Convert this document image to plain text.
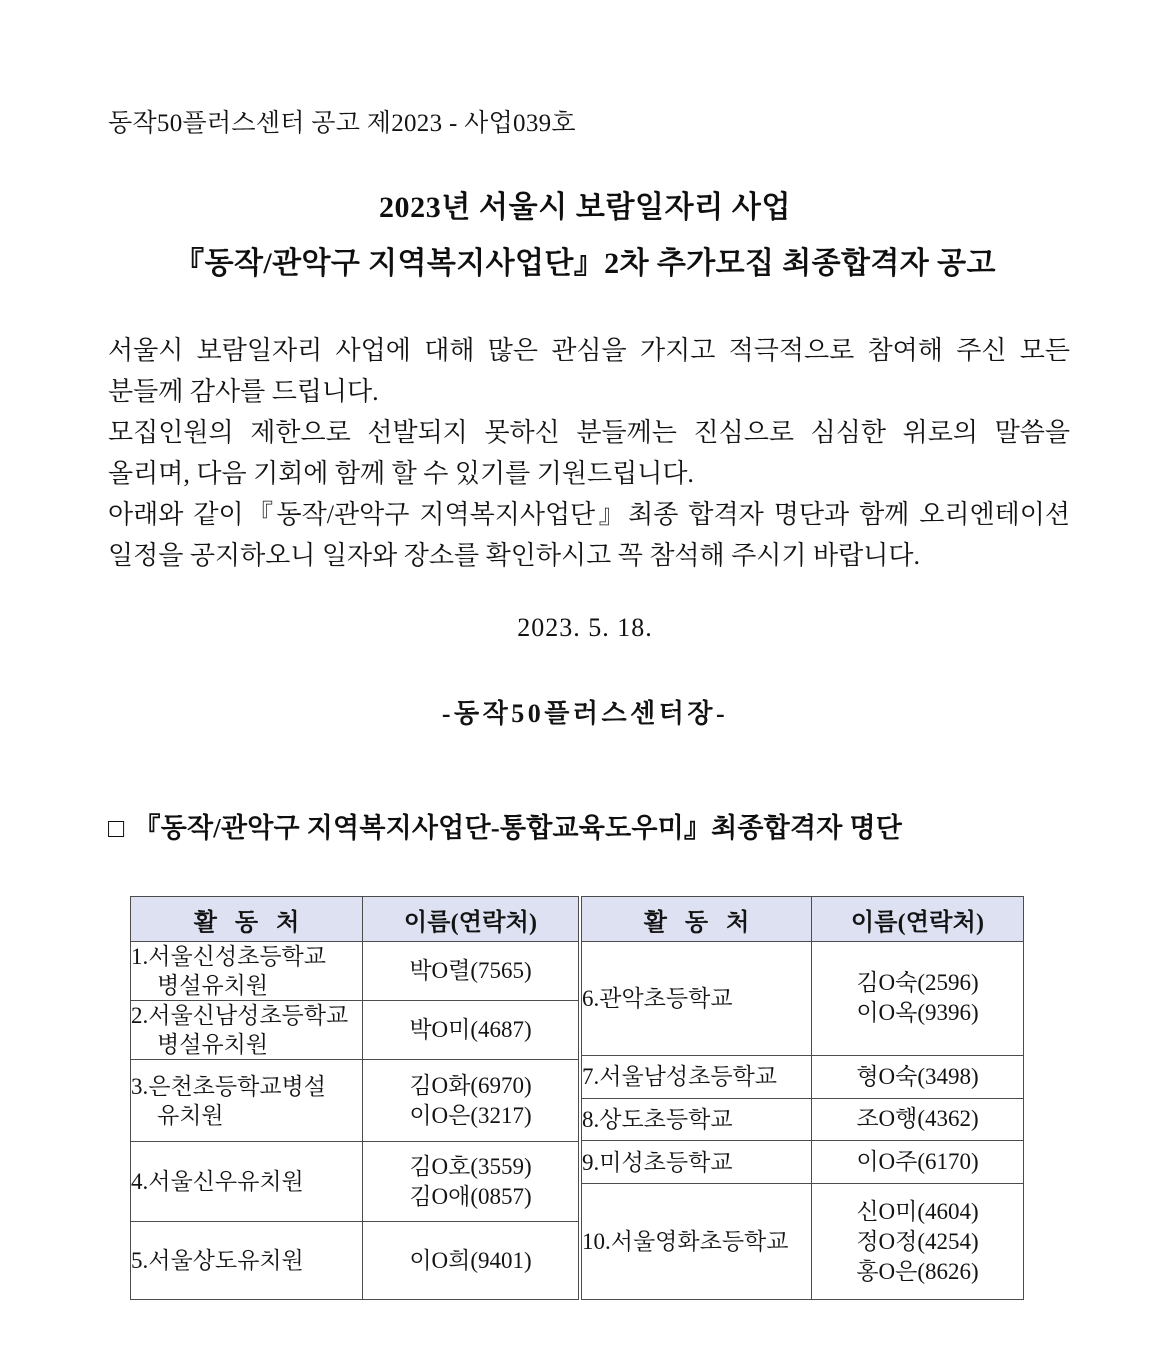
동작50플러스센터 공고 제2023 - 사업039호
2023년 서울시 보람일자리 사업
『동작/관악구 지역복지사업단』2차 추가모집 최종합격자 공고

서울시 보람일자리 사업에 대해 많은 관심을 가지고 적극적으로 참여해 주신 모든 분들께 감사를 드립니다.

모집인원의 제한으로 선발되지 못하신 분들께는 진심으로 심심한 위로의 말씀을 올리며, 다음 기회에 함께 할 수 있기를 기원드립니다.

아래와 같이『동작/관악구 지역복지사업단』최종 합격자 명단과 함께 오리엔테이션 일정을 공지하오니 일자와 장소를 확인하시고 꼭 참석해 주시기 바랍니다.

2023. 5. 18.
-동작50플러스센터장-
□ 『동작/관악구 지역복지사업단-통합교육도우미』최종합격자 명단
활 동 처	이름(연락처)

1.서울신성초등학교
병설유치원	박O렬(7565)

2.서울신남성초등학교
병설유치원	박O미(4687)

3.은천초등학교병설
유치원	김O화(6970)
이O은(3217)

4.서울신우유치원	김O호(3559)
김O애(0857)

5.서울상도유치원	이O희(9401)
활 동 처	이름(연락처)

6.관악초등학교	김O숙(2596)
이O옥(9396)

7.서울남성초등학교	형O숙(3498)

8.상도초등학교	조O행(4362)

9.미성초등학교	이O주(6170)

10.서울영화초등학교	신O미(4604)
정O정(4254)
홍O은(8626)
